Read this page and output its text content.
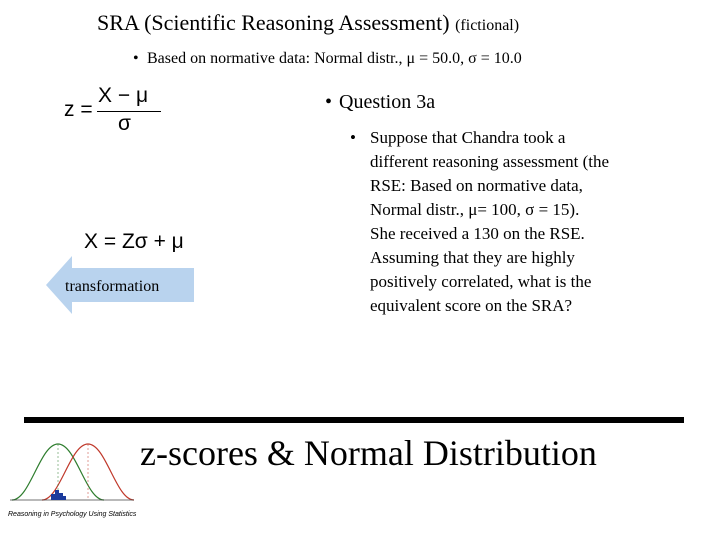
SRA (Scientific Reasoning Assessment) (fictional)
• Based on normative data: Normal distr., μ = 50.0, σ = 10.0
z =
X − μ
σ
X = Zσ + μ
transformation
• Question 3a
• Suppose that Chandra took a
different reasoning assessment (the
RSE: Based on normative data,
Normal distr., μ= 100, σ = 15).
She received a 130 on the RSE.
Assuming that they are highly
positively correlated, what is the
equivalent score on the SRA?
Reasoning in Psychology Using Statistics
z-scores & Normal Distribution
